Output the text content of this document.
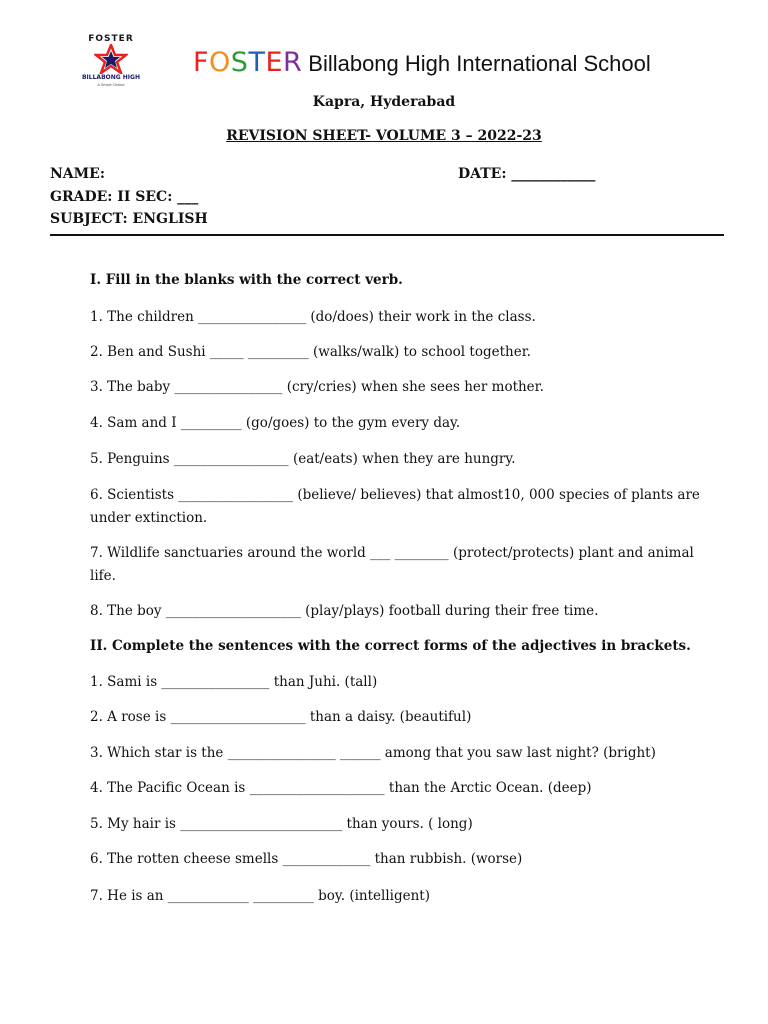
FOSTER
BILLABONG HIGH
A Smart Choice
FOSTER Billabong High International School
Kapra, Hyderabad
REVISION SHEET- VOLUME 3 – 2022-23
NAME:	DATE: ____________
GRADE: II SEC: ___
SUBJECT: ENGLISH
I. Fill in the blanks with the correct verb.
1. The children ________________ (do/does) their work in the class.
2. Ben and Sushi _____ _________ (walks/walk) to school together.
3. The baby ________________ (cry/cries) when she sees her mother.
4. Sam and I _________ (go/goes) to the gym every day.
5. Penguins _________________ (eat/eats) when they are hungry.
6. Scientists _________________ (believe/ believes) that almost10, 000 species of plants are under extinction.
7. Wildlife sanctuaries around the world ___ ________ (protect/protects) plant and animal life.
8. The boy ____________________ (play/plays) football during their free time.
II. Complete the sentences with the correct forms of the adjectives in brackets.
1. Sami is ________________ than Juhi. (tall)
2. A rose is ____________________ than a daisy. (beautiful)
3. Which star is the ________________ ______ among that you saw last night? (bright)
4. The Pacific Ocean is ____________________ than the Arctic Ocean. (deep)
5. My hair is ________________________ than yours. ( long)
6. The rotten cheese smells _____________ than rubbish. (worse)
7. He is an ____________ _________ boy. (intelligent)
